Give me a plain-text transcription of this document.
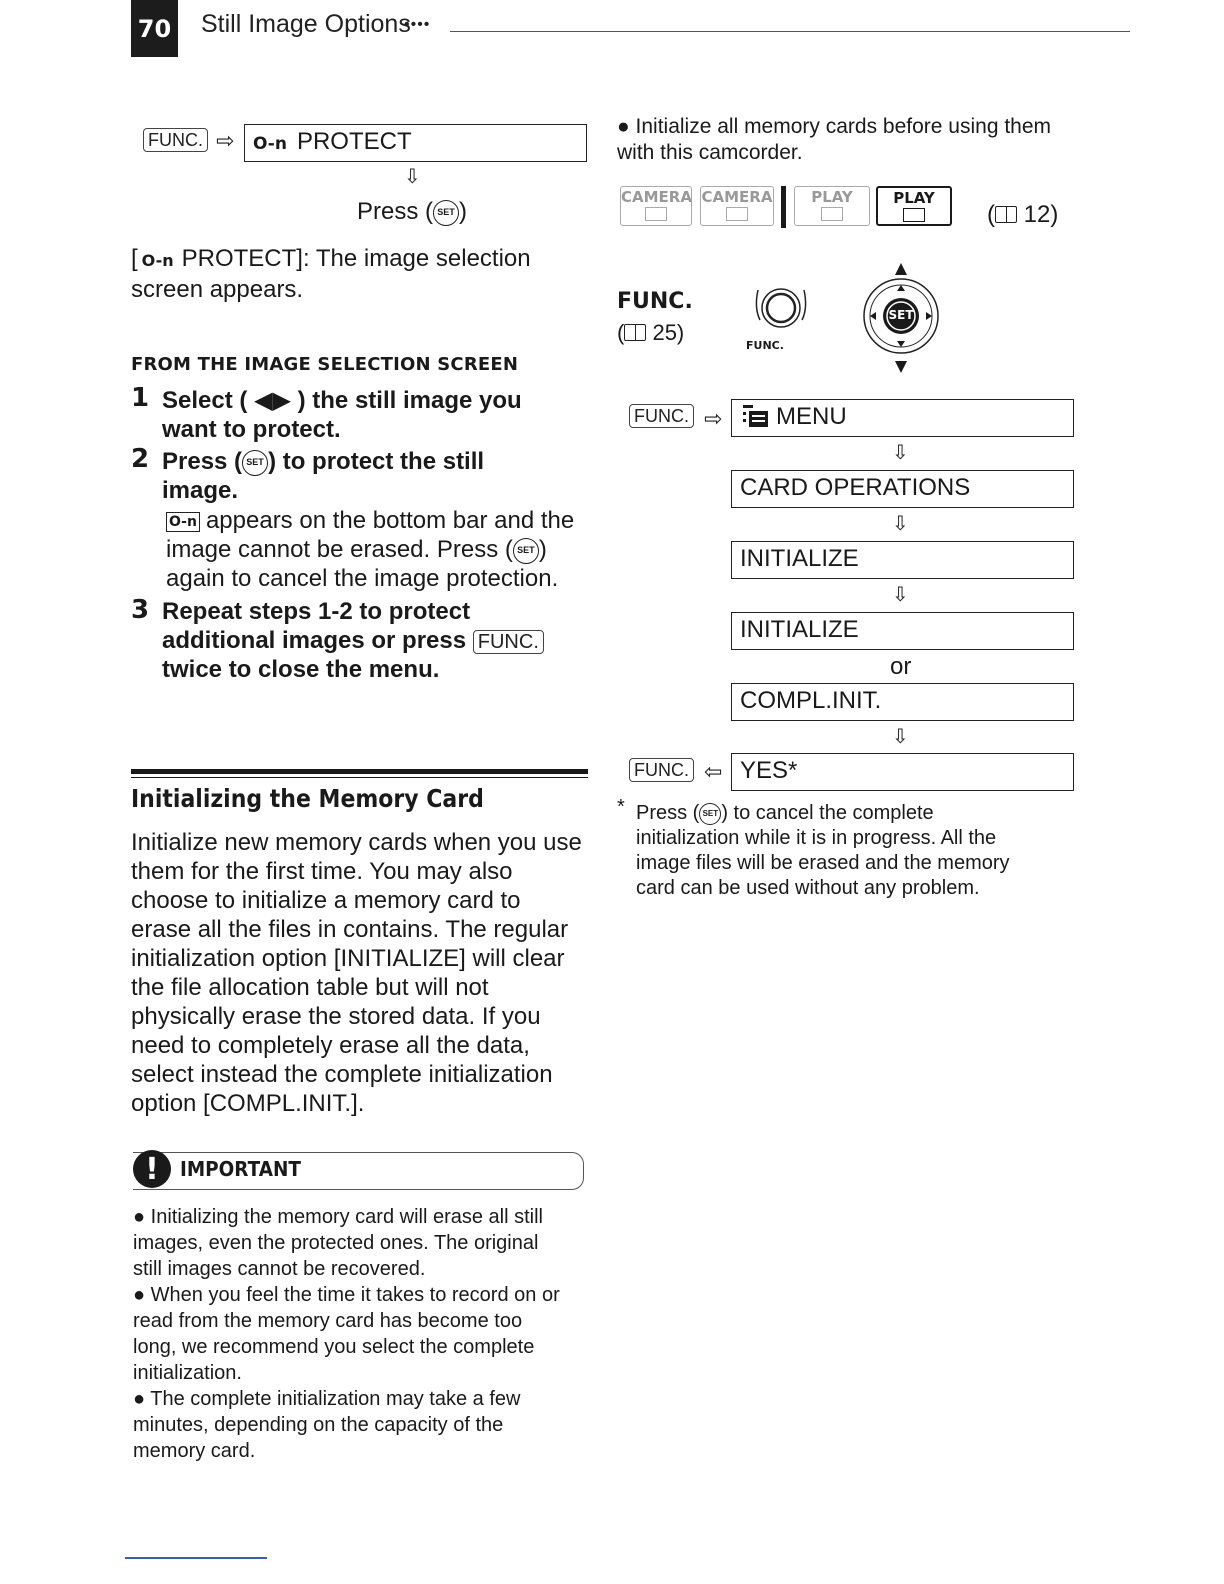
70 Still Image Options
••••
FUNC. ⇨	O-n PROTECT
⇩
Press ( SET )
[ O-n PROTECT]: The image selection
screen appears.
FROM THE IMAGE SELECTION SCREEN
1 Select ( ◀▶ ) the still image you
want to protect.
2 Press ( SET ) to protect the still
image.
O-n appears on the bottom bar and the
image cannot be erased. Press ( SET )
again to cancel the image protection.
3 Repeat steps 1-2 to protect
additional images or press FUNC.
twice to close the menu.
Initializing the Memory Card
Initialize new memory cards when you use
them for the first time. You may also
choose to initialize a memory card to
erase all the files in contains. The regular
initialization option [INITIALIZE] will clear
the file allocation table but will not
physically erase the stored data. If you
need to completely erase all the data,
select instead the complete initialization
option [COMPL.INIT.].
!	IMPORTANT
● Initializing the memory card will erase all still
images, even the protected ones. The original
still images cannot be recovered.
● When you feel the time it takes to record on or
read from the memory card has become too
long, we recommend you select the complete
initialization.
● The complete initialization may take a few
minutes, depending on the capacity of the
memory card.
● Initialize all memory cards before using them
with this camcorder.
CAMERA CAMERA	PLAY	PLAY
( 12)
FUNC.
( 25)
FUNC.
SET
FUNC. ⇨	MENU
⇩
CARD OPERATIONS
⇩
INITIALIZE
⇩
INITIALIZE
or
COMPL.INIT.
⇩
FUNC. ⇦ YES*
* Press ( SET ) to cancel the complete
initialization while it is in progress. All the
image files will be erased and the memory
card can be used without any problem.
